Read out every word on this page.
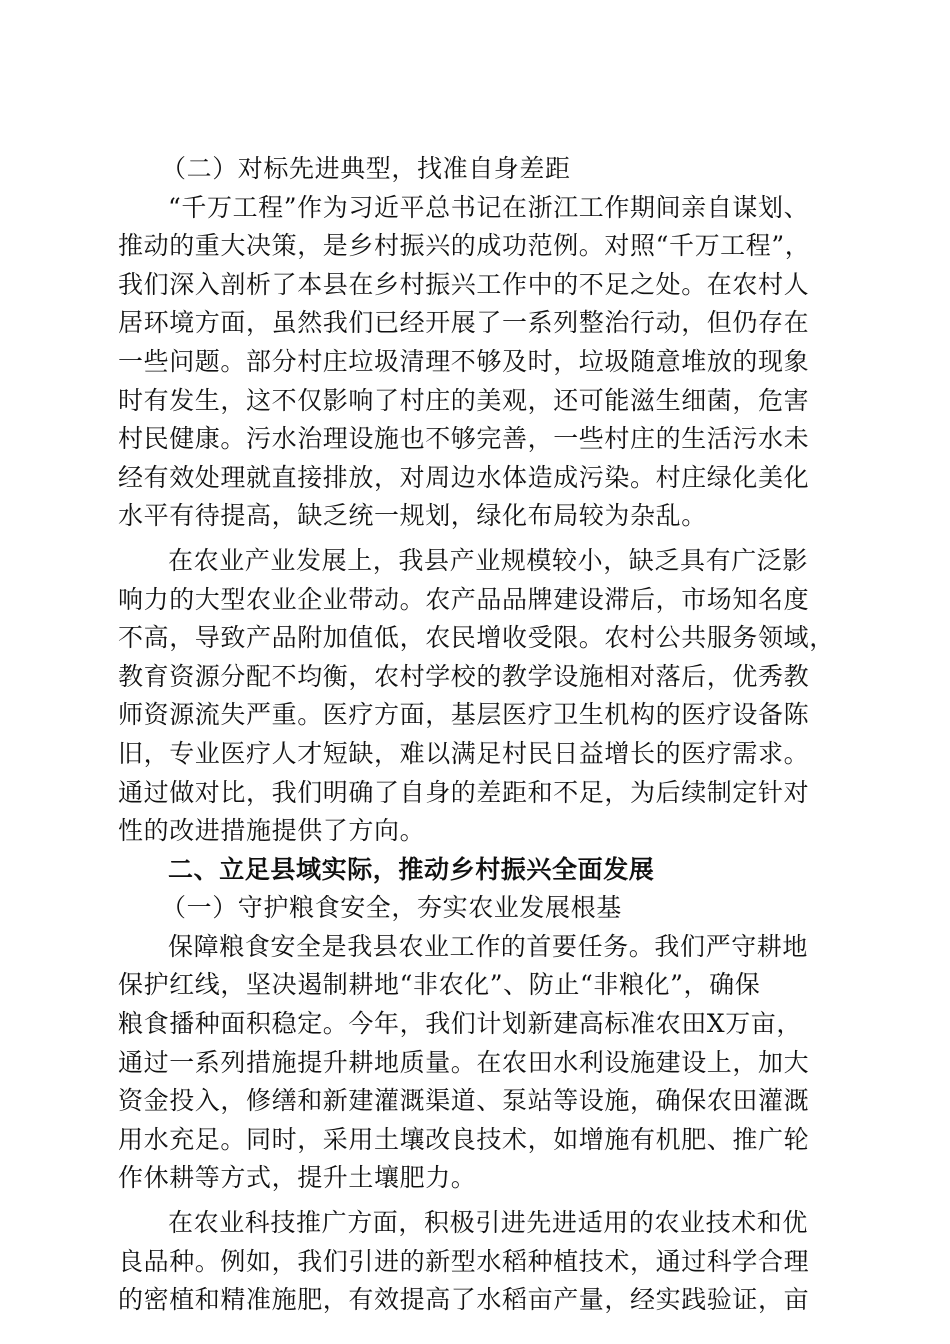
（二）对标先进典型，找准自身差距
“千万工程”作为习近平总书记在浙江工作期间亲自谋划、
推动的重大决策，是乡村振兴的成功范例。对照“千万工程”，
我们深入剖析了本县在乡村振兴工作中的不足之处。在农村人
居环境方面，虽然我们已经开展了一系列整治行动，但仍存在
一些问题。部分村庄垃圾清理不够及时，垃圾随意堆放的现象
时有发生，这不仅影响了村庄的美观，还可能滋生细菌，危害
村民健康。污水治理设施也不够完善，一些村庄的生活污水未
经有效处理就直接排放，对周边水体造成污染。村庄绿化美化
水平有待提高，缺乏统一规划，绿化布局较为杂乱。
在农业产业发展上，我县产业规模较小，缺乏具有广泛影
响力的大型农业企业带动。农产品品牌建设滞后，市场知名度
不高，导致产品附加值低，农民增收受限。农村公共服务领域，
教育资源分配不均衡，农村学校的教学设施相对落后，优秀教
师资源流失严重。医疗方面，基层医疗卫生机构的医疗设备陈
旧，专业医疗人才短缺，难以满足村民日益增长的医疗需求。
通过做对比，我们明确了自身的差距和不足，为后续制定针对
性的改进措施提供了方向。
二、立足县域实际，推动乡村振兴全面发展
（一）守护粮食安全，夯实农业发展根基
保障粮食安全是我县农业工作的首要任务。我们严守耕地
保护红线，坚决遏制耕地“非农化”、防止“非粮化”，确保
粮食播种面积稳定。今年，我们计划新建高标准农田X万亩，
通过一系列措施提升耕地质量。在农田水利设施建设上，加大
资金投入，修缮和新建灌溉渠道、泵站等设施，确保农田灌溉
用水充足。同时，采用土壤改良技术，如增施有机肥、推广轮
作休耕等方式，提升土壤肥力。
在农业科技推广方面，积极引进先进适用的农业技术和优
良品种。例如，我们引进的新型水稻种植技术，通过科学合理
的密植和精准施肥，有效提高了水稻亩产量，经实践验证，亩
